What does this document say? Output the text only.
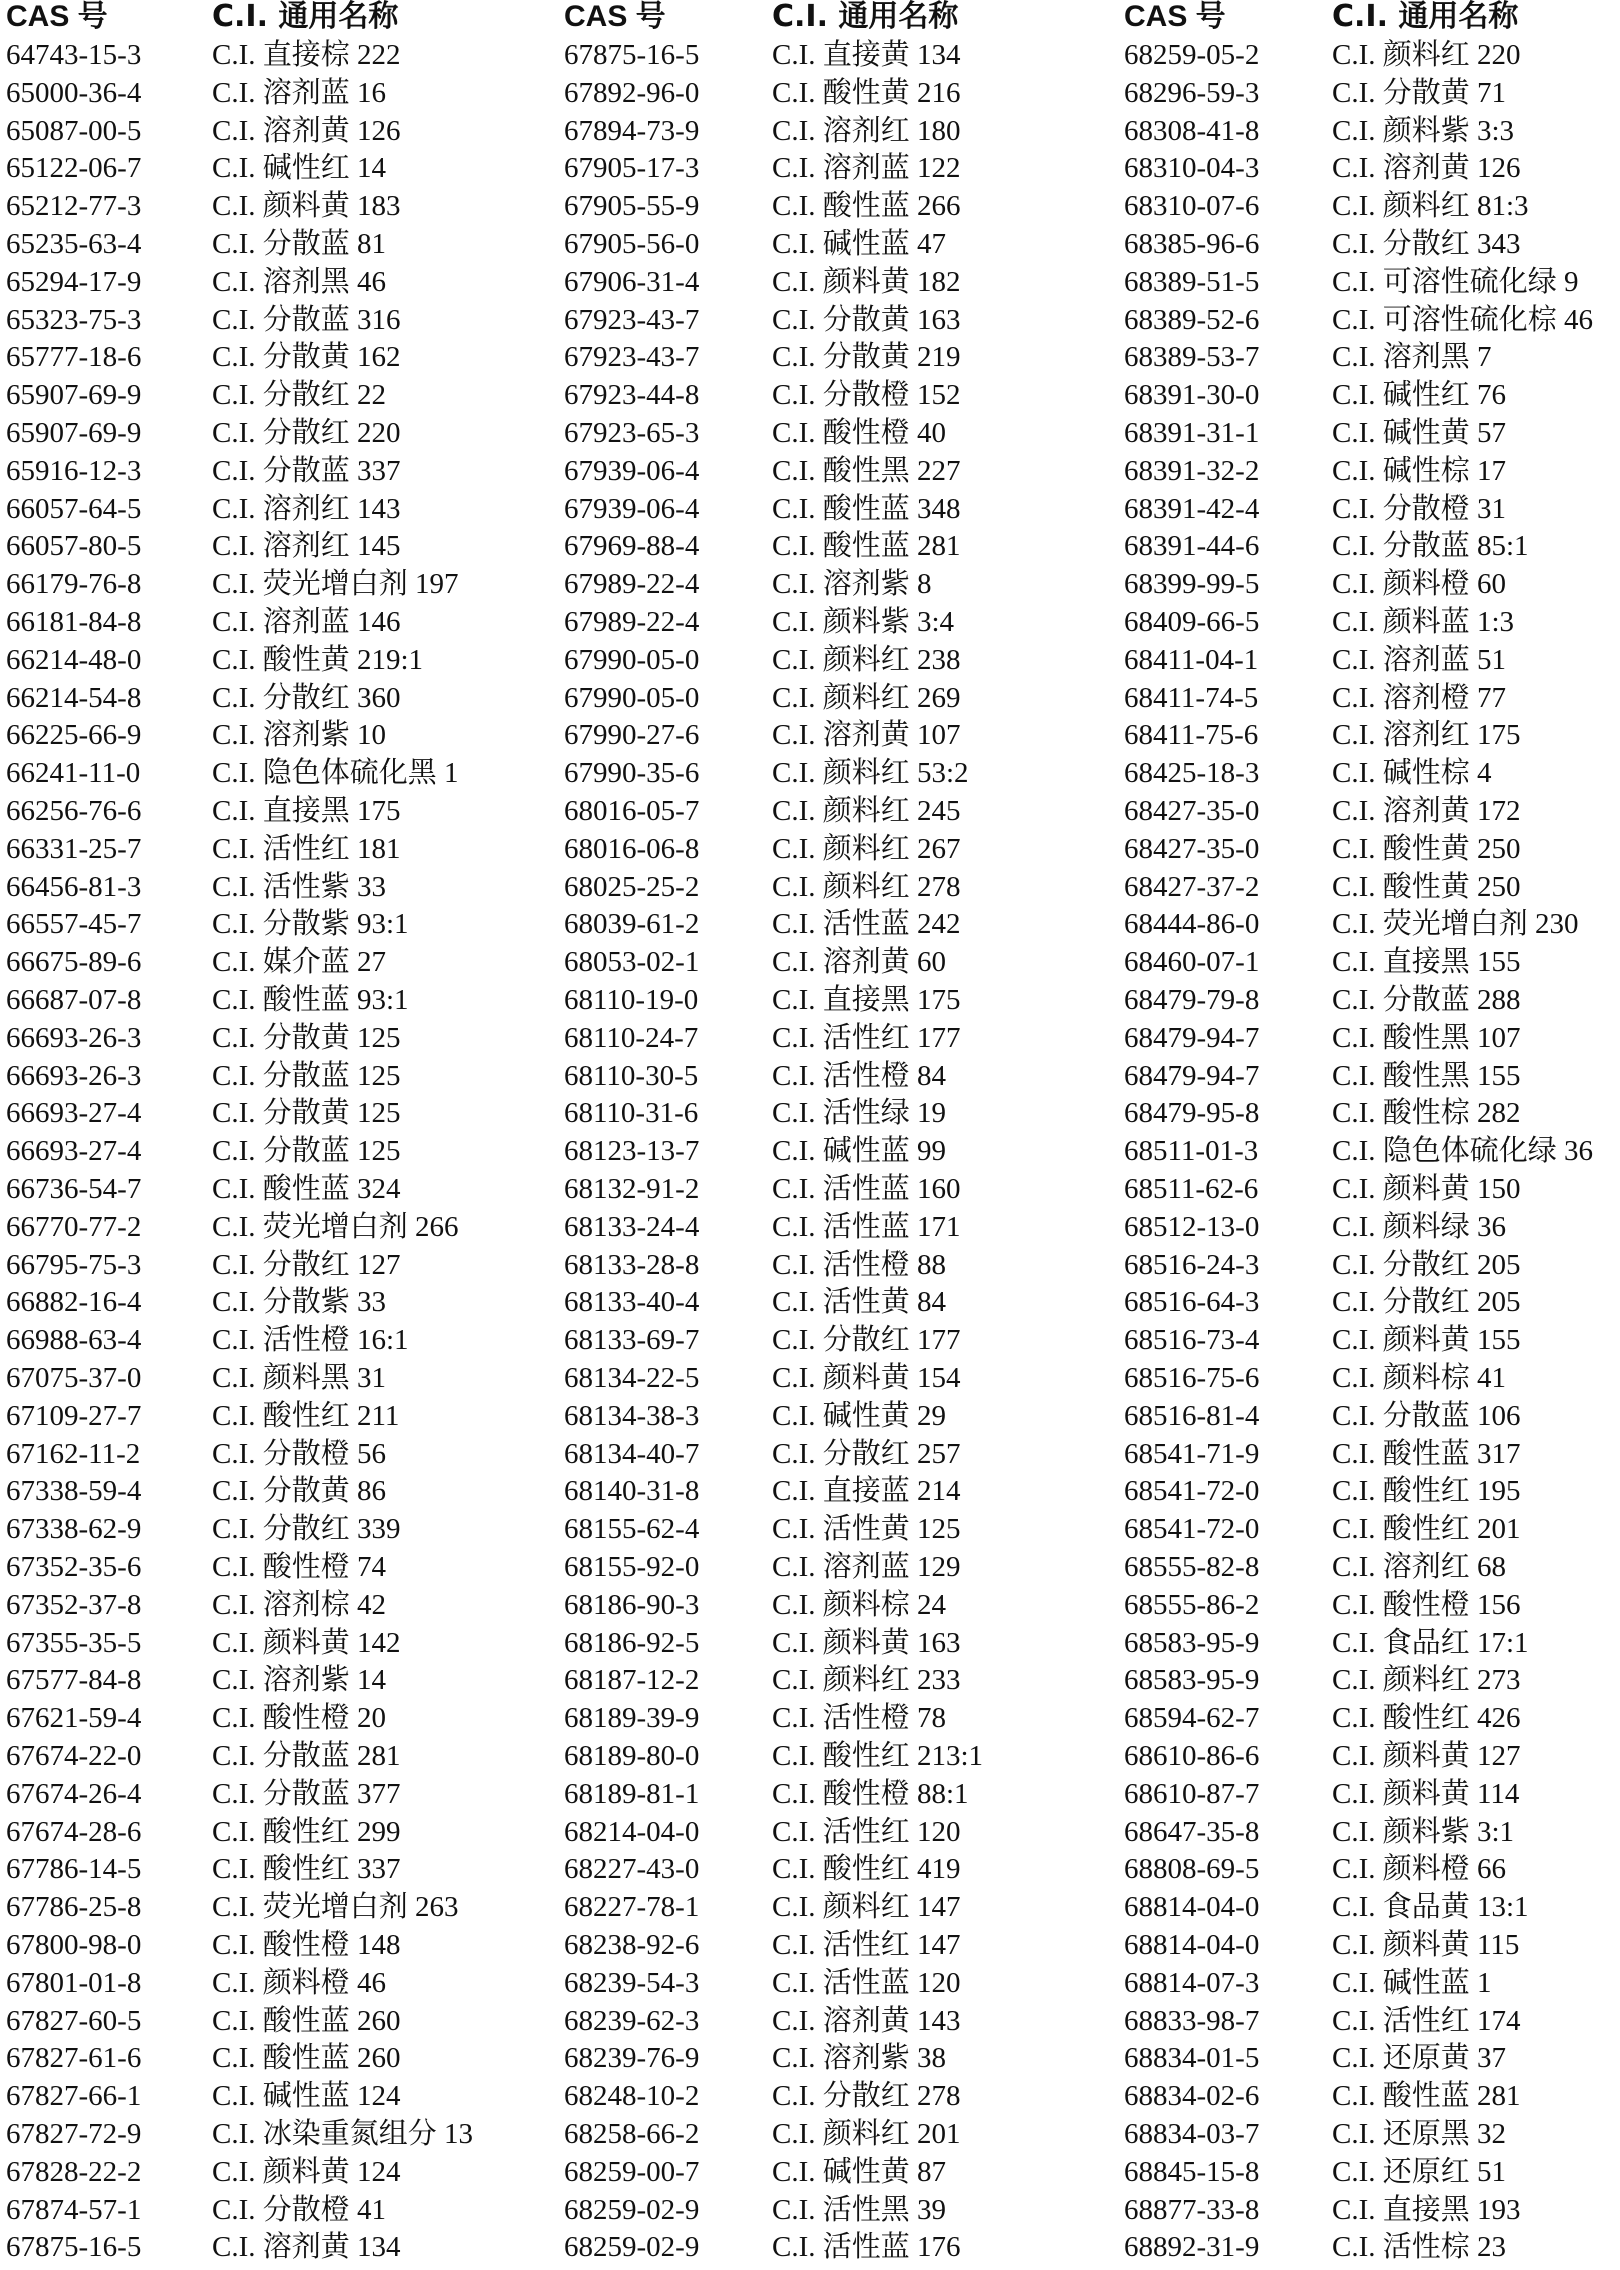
CAS 号	C.I. 通用名称	CAS 号	C.I. 通用名称	CAS 号	C.I. 通用名称
64743-15-3 C.I. 直接棕 222	67875-16-5	C.I. 直接黄 134	68259-05-2	C.I. 颜料红 220
65000-36-4 C.I. 溶剂蓝 16	67892-96-0	C.I. 酸性黄 216	68296-59-3	C.I. 分散黄 71
65087-00-5 C.I. 溶剂黄 126	67894-73-9	C.I. 溶剂红 180	68308-41-8	C.I. 颜料紫 3:3
65122-06-7 C.I. 碱性红 14	67905-17-3	C.I. 溶剂蓝 122	68310-04-3	C.I. 溶剂黄 126
65212-77-3 C.I. 颜料黄 183	67905-55-9	C.I. 酸性蓝 266	68310-07-6	C.I. 颜料红 81:3
65235-63-4 C.I. 分散蓝 81	67905-56-0	C.I. 碱性蓝 47	68385-96-6	C.I. 分散红 343
65294-17-9 C.I. 溶剂黑 46	67906-31-4	C.I. 颜料黄 182	68389-51-5	C.I. 可溶性硫化绿 9
65323-75-3 C.I. 分散蓝 316	67923-43-7	C.I. 分散黄 163	68389-52-6	C.I. 可溶性硫化棕 46
65777-18-6 C.I. 分散黄 162	67923-43-7	C.I. 分散黄 219	68389-53-7	C.I. 溶剂黑 7
65907-69-9 C.I. 分散红 22	67923-44-8	C.I. 分散橙 152	68391-30-0	C.I. 碱性红 76
65907-69-9 C.I. 分散红 220	67923-65-3	C.I. 酸性橙 40	68391-31-1	C.I. 碱性黄 57
65916-12-3 C.I. 分散蓝 337	67939-06-4	C.I. 酸性黑 227	68391-32-2	C.I. 碱性棕 17
66057-64-5 C.I. 溶剂红 143	67939-06-4	C.I. 酸性蓝 348	68391-42-4	C.I. 分散橙 31
66057-80-5 C.I. 溶剂红 145	67969-88-4	C.I. 酸性蓝 281	68391-44-6	C.I. 分散蓝 85:1
66179-76-8 C.I. 荧光增白剂 197	67989-22-4	C.I. 溶剂紫 8	68399-99-5	C.I. 颜料橙 60
66181-84-8 C.I. 溶剂蓝 146	67989-22-4	C.I. 颜料紫 3:4	68409-66-5	C.I. 颜料蓝 1:3
66214-48-0 C.I. 酸性黄 219:1	67990-05-0	C.I. 颜料红 238	68411-04-1	C.I. 溶剂蓝 51
66214-54-8 C.I. 分散红 360	67990-05-0	C.I. 颜料红 269	68411-74-5	C.I. 溶剂橙 77
66225-66-9 C.I. 溶剂紫 10	67990-27-6	C.I. 溶剂黄 107	68411-75-6	C.I. 溶剂红 175
66241-11-0 C.I. 隐色体硫化黑 1	67990-35-6	C.I. 颜料红 53:2	68425-18-3	C.I. 碱性棕 4
66256-76-6 C.I. 直接黑 175	68016-05-7	C.I. 颜料红 245	68427-35-0	C.I. 溶剂黄 172
66331-25-7 C.I. 活性红 181	68016-06-8	C.I. 颜料红 267	68427-35-0	C.I. 酸性黄 250
66456-81-3 C.I. 活性紫 33	68025-25-2	C.I. 颜料红 278	68427-37-2	C.I. 酸性黄 250
66557-45-7 C.I. 分散紫 93:1	68039-61-2	C.I. 活性蓝 242	68444-86-0	C.I. 荧光增白剂 230
66675-89-6 C.I. 媒介蓝 27	68053-02-1	C.I. 溶剂黄 60	68460-07-1	C.I. 直接黑 155
66687-07-8 C.I. 酸性蓝 93:1	68110-19-0	C.I. 直接黑 175	68479-79-8	C.I. 分散蓝 288
66693-26-3 C.I. 分散黄 125	68110-24-7	C.I. 活性红 177	68479-94-7	C.I. 酸性黑 107
66693-26-3 C.I. 分散蓝 125	68110-30-5	C.I. 活性橙 84	68479-94-7	C.I. 酸性黑 155
66693-27-4 C.I. 分散黄 125	68110-31-6	C.I. 活性绿 19	68479-95-8	C.I. 酸性棕 282
66693-27-4 C.I. 分散蓝 125	68123-13-7	C.I. 碱性蓝 99	68511-01-3	C.I. 隐色体硫化绿 36
66736-54-7 C.I. 酸性蓝 324	68132-91-2	C.I. 活性蓝 160	68511-62-6	C.I. 颜料黄 150
66770-77-2 C.I. 荧光增白剂 266	68133-24-4	C.I. 活性蓝 171	68512-13-0	C.I. 颜料绿 36
66795-75-3 C.I. 分散红 127	68133-28-8	C.I. 活性橙 88	68516-24-3	C.I. 分散红 205
66882-16-4 C.I. 分散紫 33	68133-40-4	C.I. 活性黄 84	68516-64-3	C.I. 分散红 205
66988-63-4 C.I. 活性橙 16:1	68133-69-7	C.I. 分散红 177	68516-73-4	C.I. 颜料黄 155
67075-37-0 C.I. 颜料黑 31	68134-22-5	C.I. 颜料黄 154	68516-75-6	C.I. 颜料棕 41
67109-27-7 C.I. 酸性红 211	68134-38-3	C.I. 碱性黄 29	68516-81-4	C.I. 分散蓝 106
67162-11-2 C.I. 分散橙 56	68134-40-7	C.I. 分散红 257	68541-71-9	C.I. 酸性蓝 317
67338-59-4 C.I. 分散黄 86	68140-31-8	C.I. 直接蓝 214	68541-72-0	C.I. 酸性红 195
67338-62-9 C.I. 分散红 339	68155-62-4	C.I. 活性黄 125	68541-72-0	C.I. 酸性红 201
67352-35-6 C.I. 酸性橙 74	68155-92-0	C.I. 溶剂蓝 129	68555-82-8	C.I. 溶剂红 68
67352-37-8 C.I. 溶剂棕 42	68186-90-3	C.I. 颜料棕 24	68555-86-2	C.I. 酸性橙 156
67355-35-5 C.I. 颜料黄 142	68186-92-5	C.I. 颜料黄 163	68583-95-9	C.I. 食品红 17:1
67577-84-8 C.I. 溶剂紫 14	68187-12-2	C.I. 颜料红 233	68583-95-9	C.I. 颜料红 273
67621-59-4 C.I. 酸性橙 20	68189-39-9	C.I. 活性橙 78	68594-62-7	C.I. 酸性红 426
67674-22-0 C.I. 分散蓝 281	68189-80-0	C.I. 酸性红 213:1	68610-86-6	C.I. 颜料黄 127
67674-26-4 C.I. 分散蓝 377	68189-81-1	C.I. 酸性橙 88:1	68610-87-7	C.I. 颜料黄 114
67674-28-6 C.I. 酸性红 299	68214-04-0	C.I. 活性红 120	68647-35-8	C.I. 颜料紫 3:1
67786-14-5 C.I. 酸性红 337	68227-43-0	C.I. 酸性红 419	68808-69-5	C.I. 颜料橙 66
67786-25-8 C.I. 荧光增白剂 263	68227-78-1	C.I. 颜料红 147	68814-04-0	C.I. 食品黄 13:1
67800-98-0 C.I. 酸性橙 148	68238-92-6	C.I. 活性红 147	68814-04-0	C.I. 颜料黄 115
67801-01-8 C.I. 颜料橙 46	68239-54-3	C.I. 活性蓝 120	68814-07-3	C.I. 碱性蓝 1
67827-60-5 C.I. 酸性蓝 260	68239-62-3	C.I. 溶剂黄 143	68833-98-7	C.I. 活性红 174
67827-61-6 C.I. 酸性蓝 260	68239-76-9	C.I. 溶剂紫 38	68834-01-5	C.I. 还原黄 37
67827-66-1 C.I. 碱性蓝 124	68248-10-2	C.I. 分散红 278	68834-02-6	C.I. 酸性蓝 281
67827-72-9 C.I. 冰染重氮组分 13	68258-66-2	C.I. 颜料红 201	68834-03-7	C.I. 还原黑 32
67828-22-2 C.I. 颜料黄 124	68259-00-7	C.I. 碱性黄 87	68845-15-8	C.I. 还原红 51
67874-57-1 C.I. 分散橙 41	68259-02-9	C.I. 活性黑 39	68877-33-8	C.I. 直接黑 193
67875-16-5 C.I. 溶剂黄 134	68259-02-9	C.I. 活性蓝 176	68892-31-9	C.I. 活性棕 23
